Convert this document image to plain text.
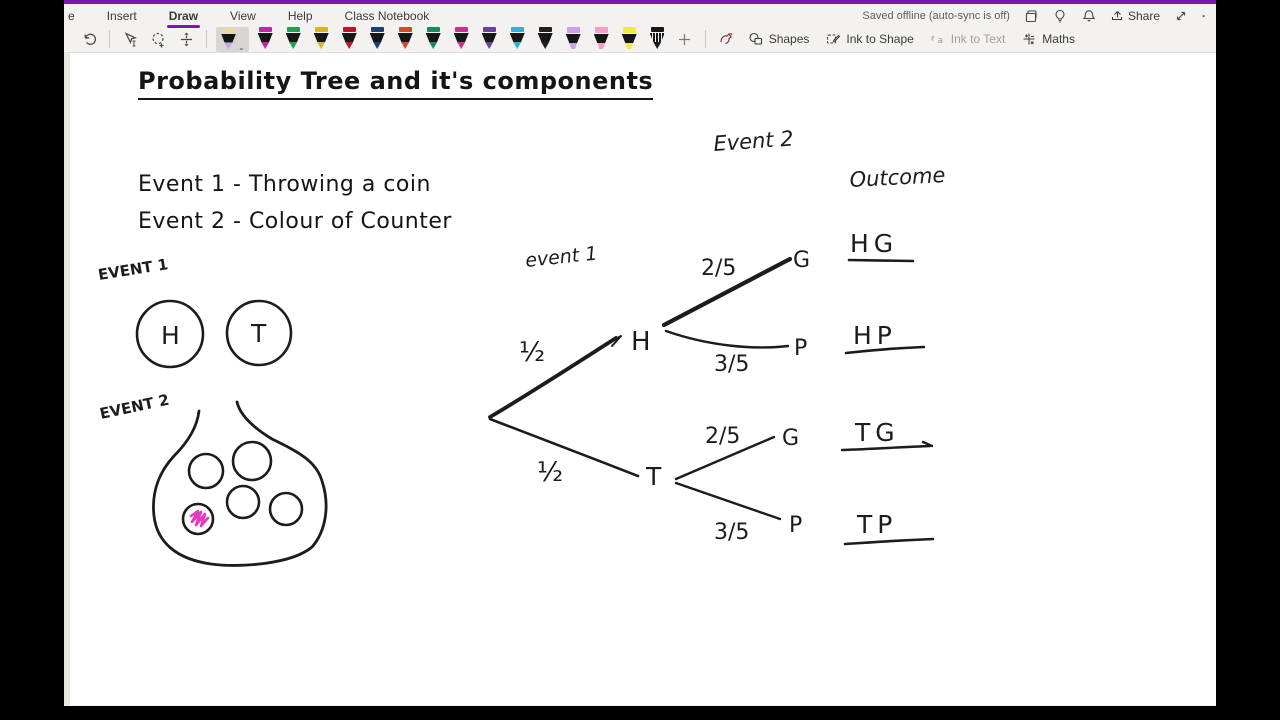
e	Insert	Draw	View	Help	Class Notebook	Saved offline (auto-sync is off)	Share	·
⌄
Shapes	Ink to Shape	a Ink to Text	Maths
Probability Tree and it's components
Event 1 - Throwing a coin
Event 2 - Colour of Counter
EVENT 1
H	T
EVENT 2
event 1
Event 2
Outcome
½	H
½	T
2/5	G
3/5
P
2/5 G
3/5 P
HG
HP
TG
TP
